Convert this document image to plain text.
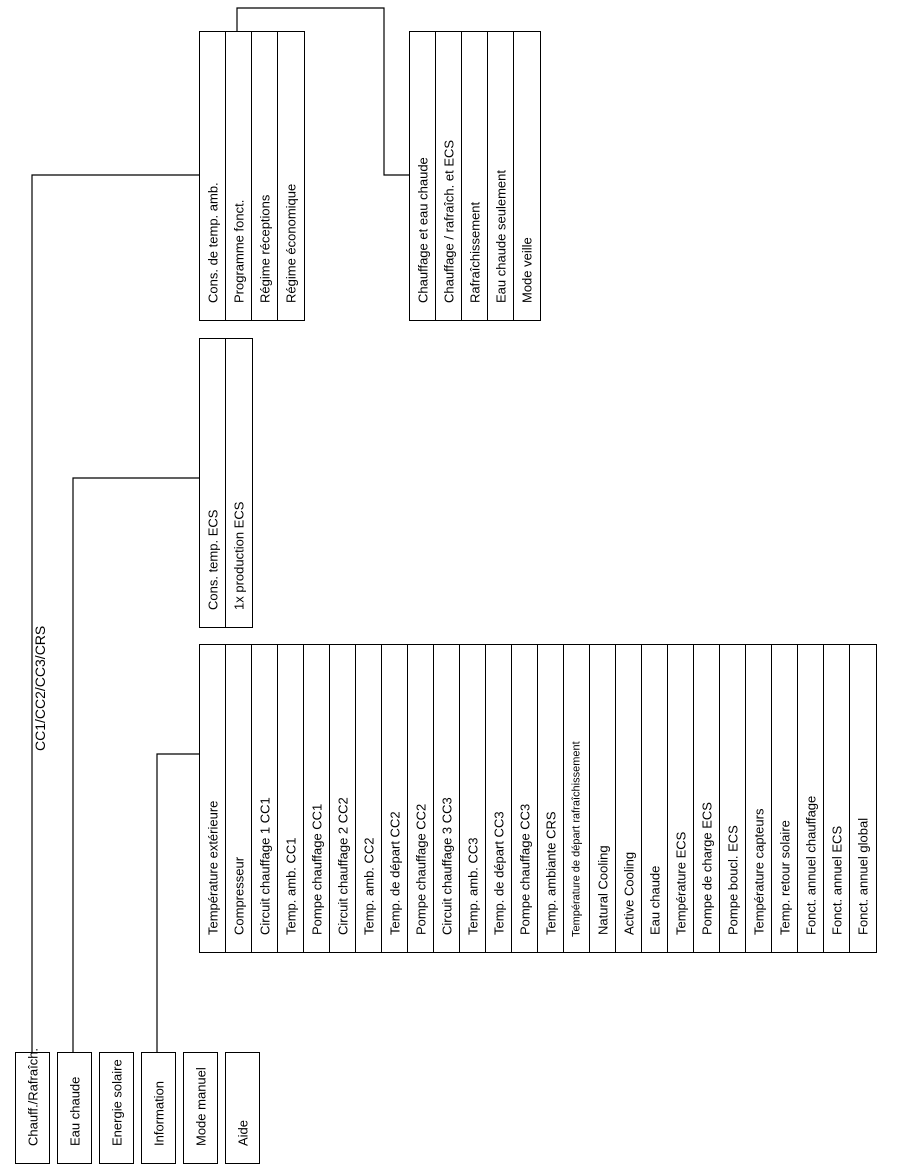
CC1/CC2/CC3/CRS
Chauff./Rafraîch. Eau chaude Energie solaire Information Mode manuel Aide
Cons. de temp. amb. Programme fonct. Régime réceptions Régime économique	Chauffage et eau chaude Chauffage / rafraîch. et ECS Rafraîchissement Eau chaude seulement Mode veille
Cons. temp. ECS 1x production ECS
Température extérieure Compresseur Circuit chauffage 1 CC1 Temp. amb. CC1 Pompe chauffage CC1 Circuit chauffage 2 CC2 Temp. amb. CC2 Temp. de départ CC2 Pompe chauffage CC2 Circuit chauffage 3 CC3 Temp. amb. CC3 Temp. de départ CC3 Pompe chauffage CC3 Temp. ambiante CRS Température de départ rafraîchissement Natural Cooling Active Cooling Eau chaude Température ECS Pompe de charge ECS Pompe boucl. ECS Température capteurs Temp. retour solaire Fonct. annuel chauffage Fonct. annuel ECS Fonct. annuel global
